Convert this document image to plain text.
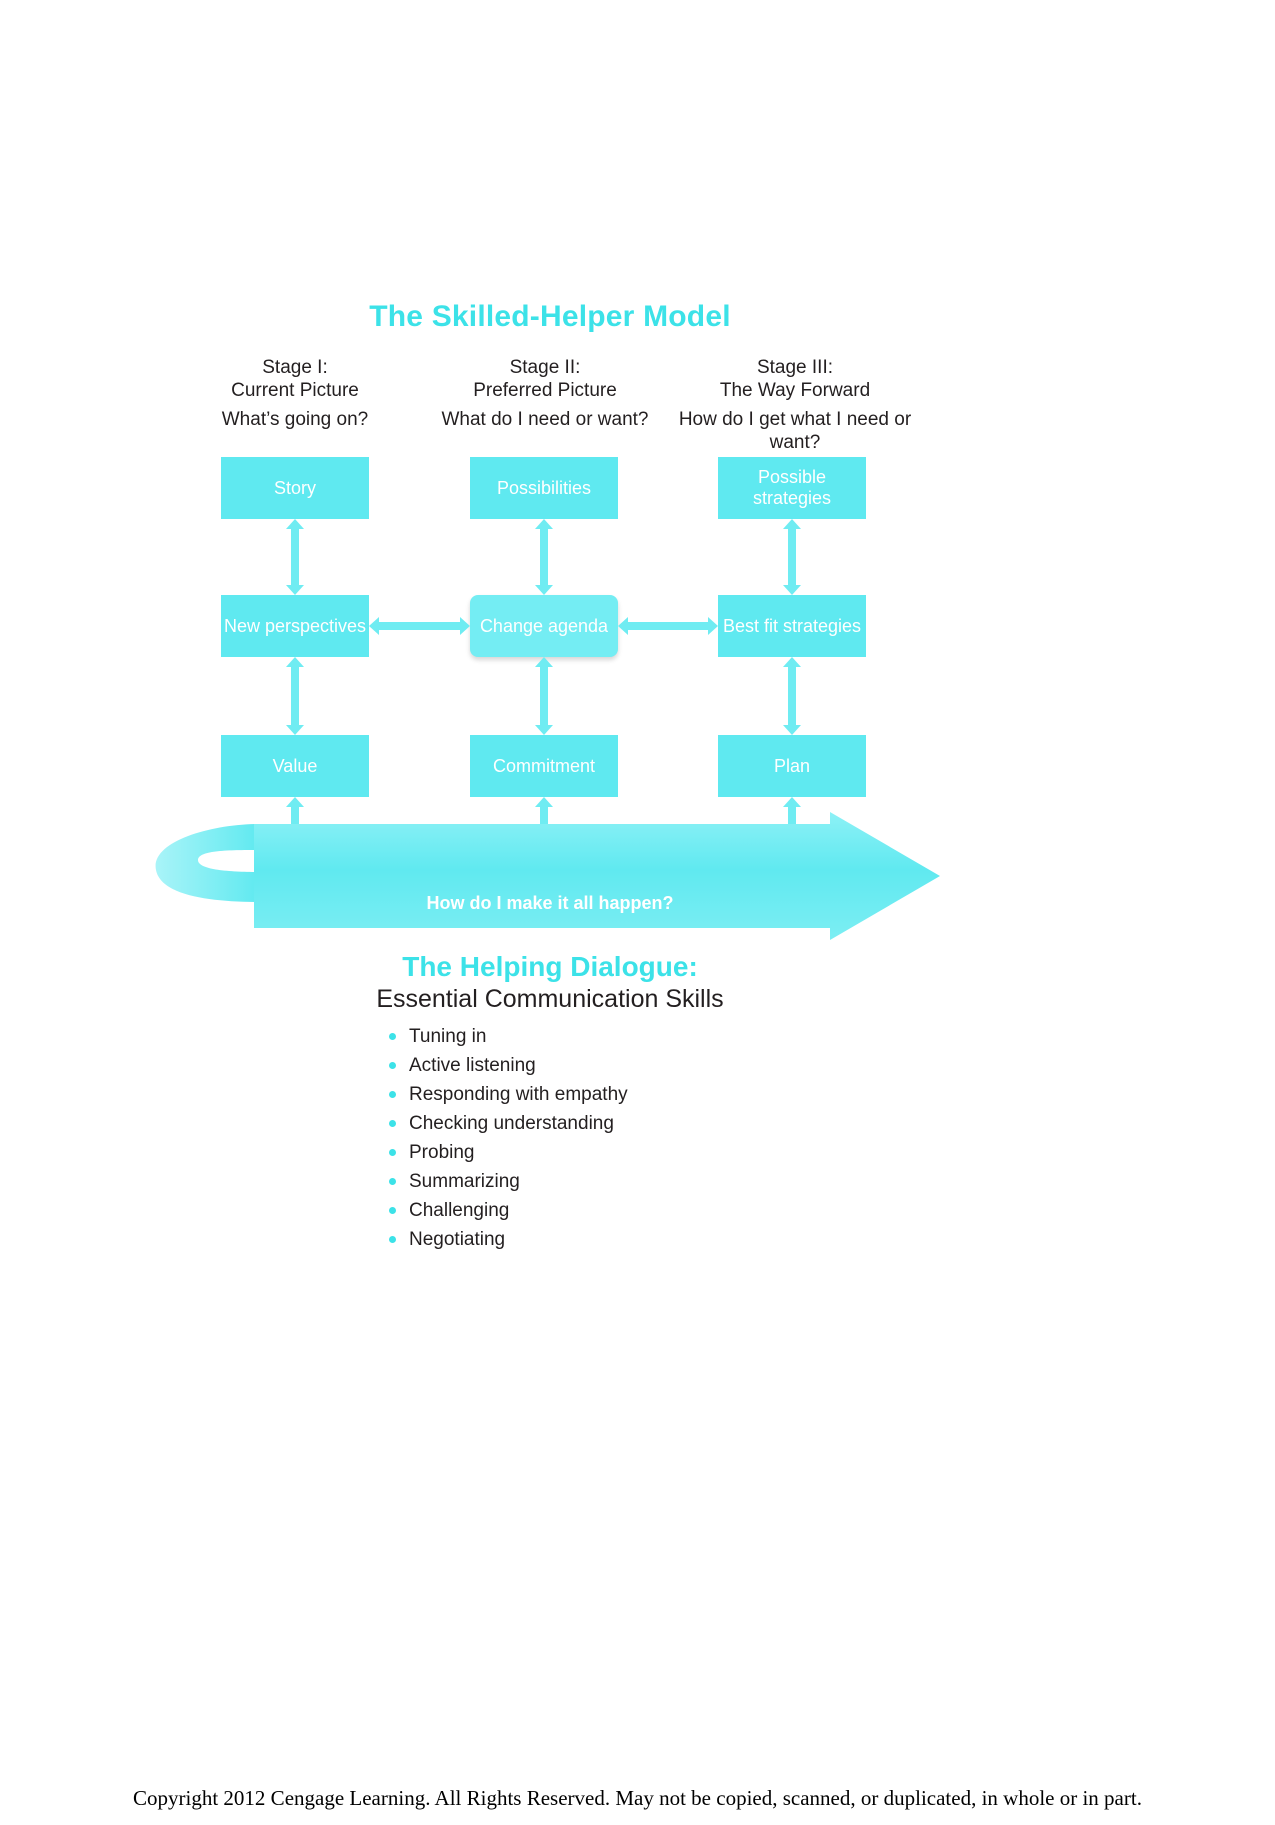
The Skilled-Helper Model
Stage I:
Current Picture
What’s going on?
Stage II:
Preferred Picture
What do I need or want?
Stage III:
The Way Forward
How do I get what I need or want?
Story
New perspectives
Value
Possibilities
Change agenda
Commitment
Possible strategies
Best fit strategies
Plan
How do I make it all happen?
The Helping Dialogue:
Essential Communication Skills
Tuning in
Active listening
Responding with empathy
Checking understanding
Probing
Summarizing
Challenging
Negotiating
Copyright 2012 Cengage Learning. All Rights Reserved. May not be copied, scanned, or duplicated, in whole or in part.
